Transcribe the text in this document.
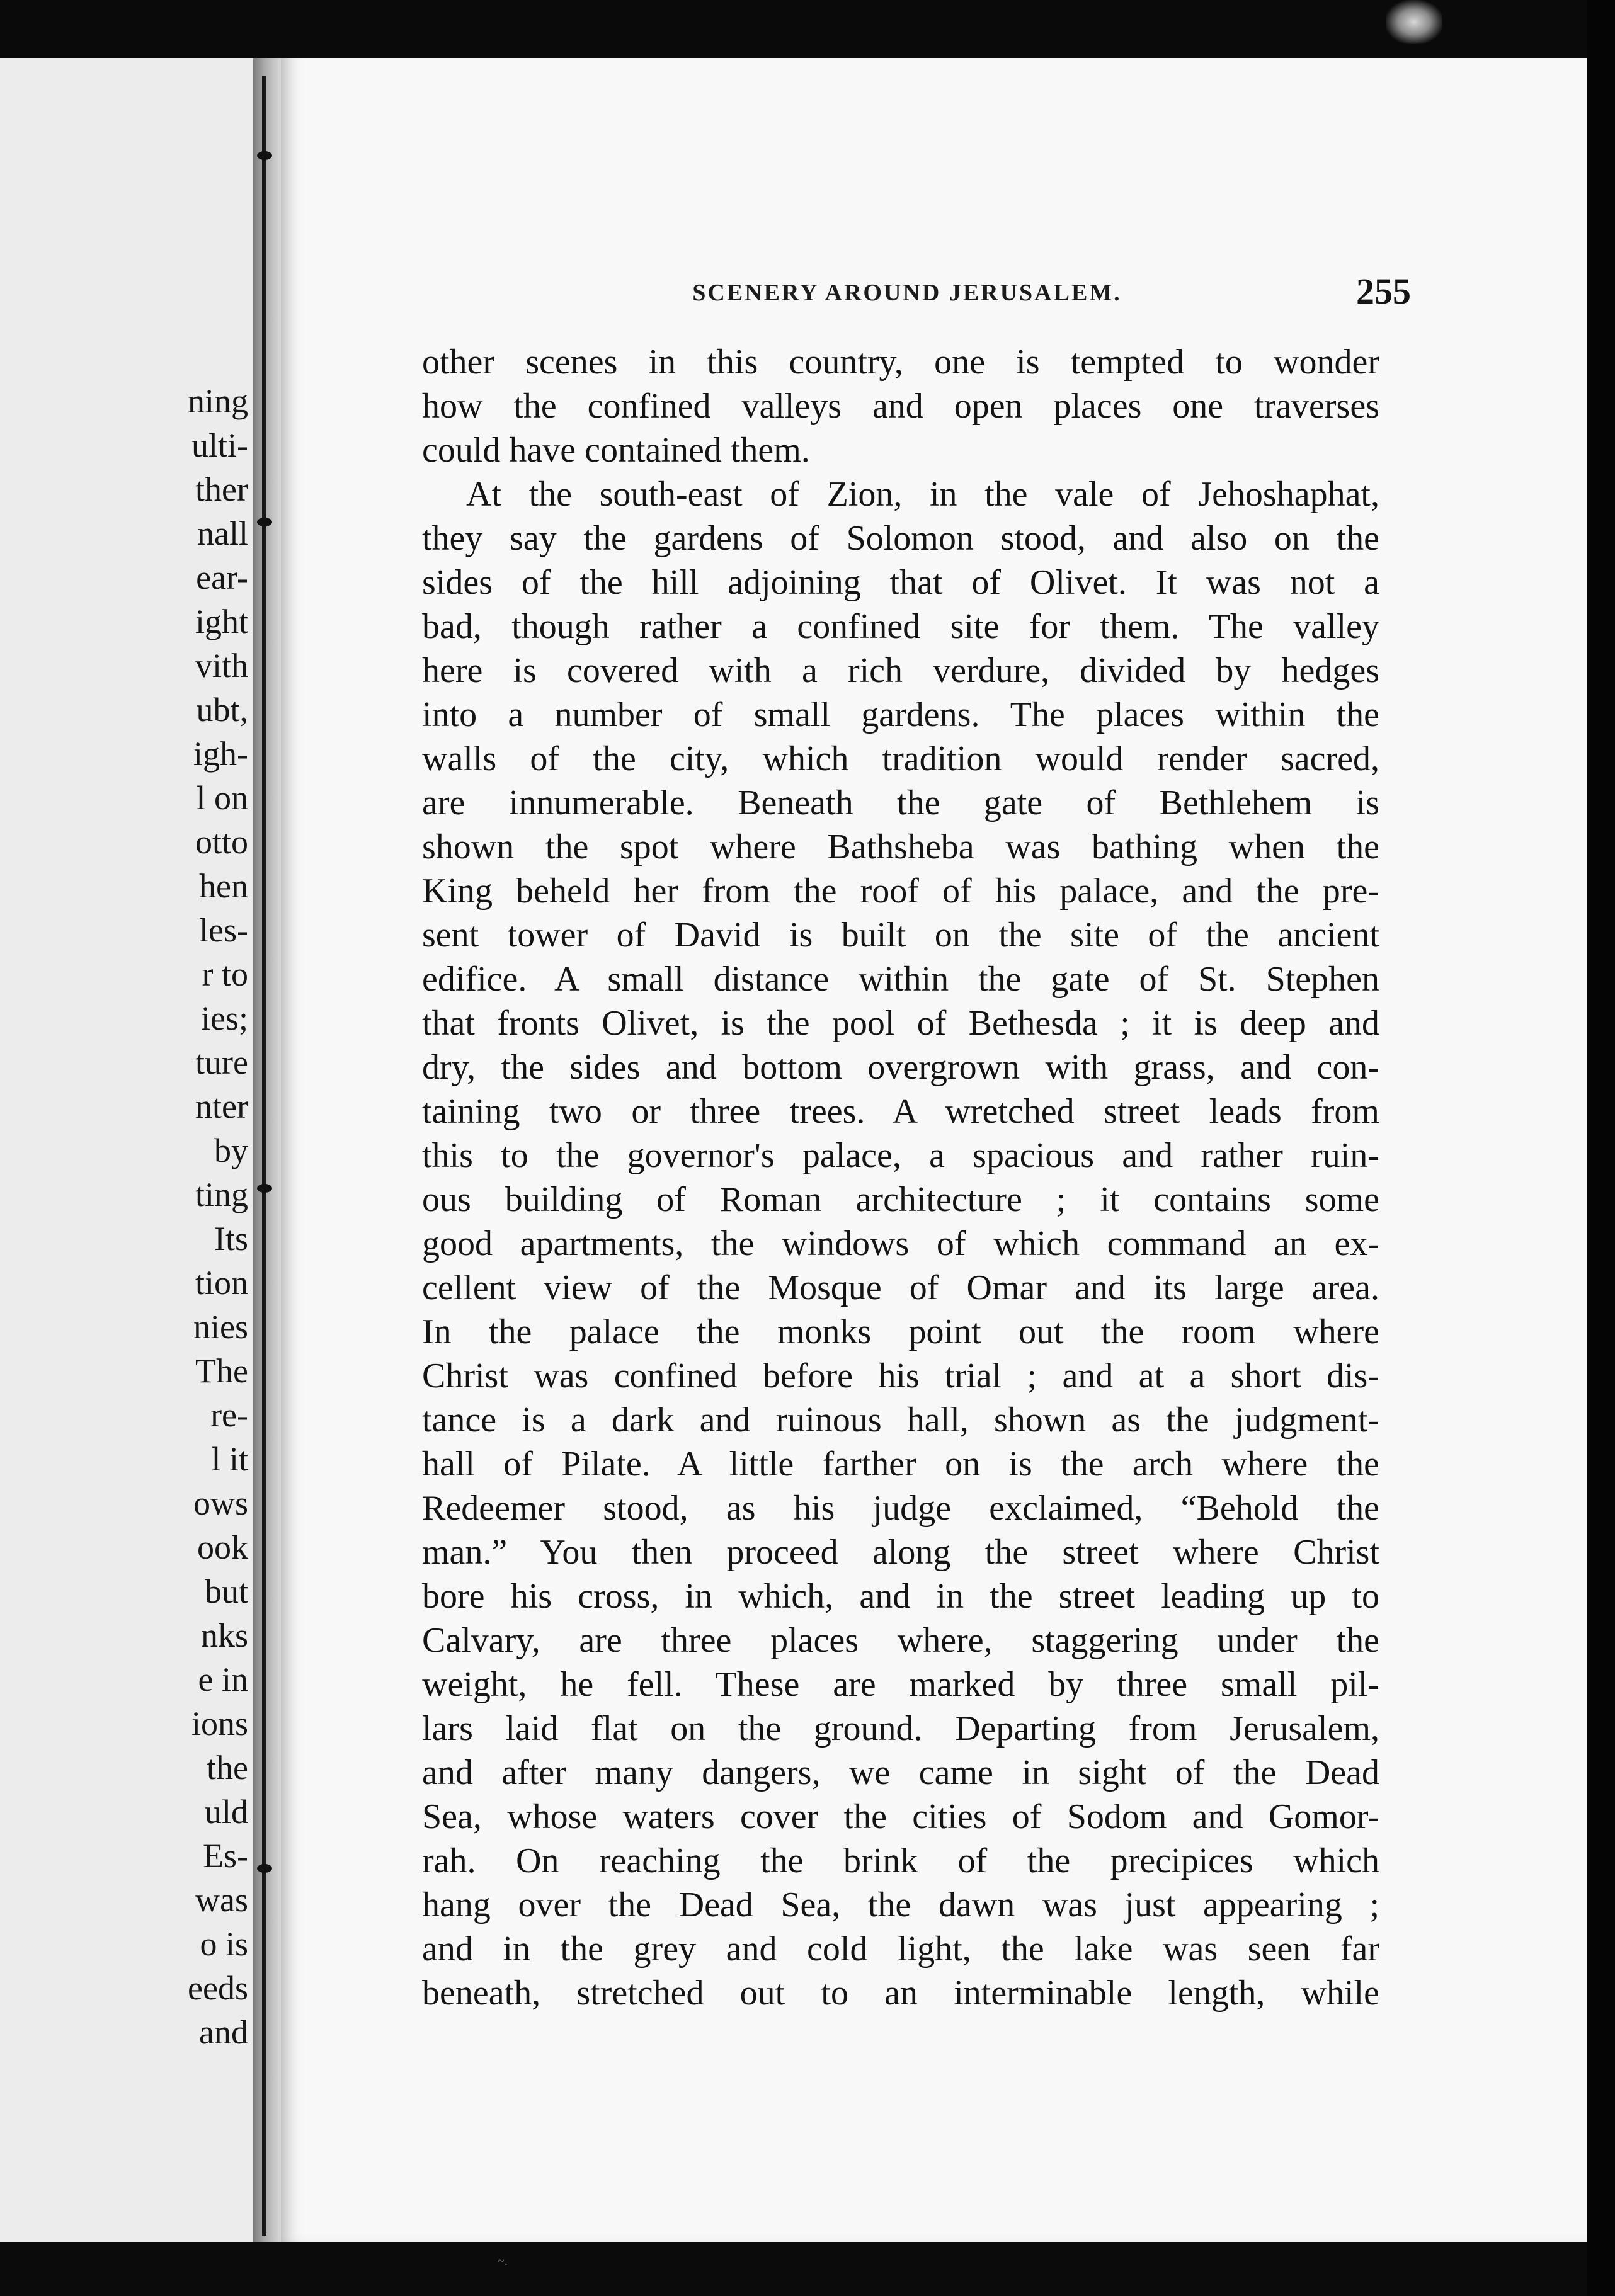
ning
ulti-
ther
nall
ear-
ight
vith
ubt,
igh-
l on
otto
hen
les-
r to
ies;
ture
nter
by
ting
Its
tion
nies
The
re-
l it
ows
ook
but
nks
e in
ions
the
uld
Es-
was
o is
eeds
and
SCENERY AROUND JERUSALEM.	255
other scenes in this country, one is tempted to wonder
how the confined valleys and open places one traverses
could have contained them.
At the south-east of Zion, in the vale of Jehoshaphat,
they say the gardens of Solomon stood, and also on the
sides of the hill adjoining that of Olivet. It was not a
bad, though rather a confined site for them. The valley
here is covered with a rich verdure, divided by hedges
into a number of small gardens. The places within the
walls of the city, which tradition would render sacred,
are innumerable. Beneath the gate of Bethlehem is
shown the spot where Bathsheba was bathing when the
King beheld her from the roof of his palace, and the pre-
sent tower of David is built on the site of the ancient
edifice. A small distance within the gate of St. Stephen
that fronts Olivet, is the pool of Bethesda ; it is deep and
dry, the sides and bottom overgrown with grass, and con-
taining two or three trees. A wretched street leads from
this to the governor's palace, a spacious and rather ruin-
ous building of Roman architecture ; it contains some
good apartments, the windows of which command an ex-
cellent view of the Mosque of Omar and its large area.
In the palace the monks point out the room where
Christ was confined before his trial ; and at a short dis-
tance is a dark and ruinous hall, shown as the judgment-
hall of Pilate. A little farther on is the arch where the
Redeemer stood, as his judge exclaimed, “Behold the
man.” You then proceed along the street where Christ
bore his cross, in which, and in the street leading up to
Calvary, are three places where, staggering under the
weight, he fell. These are marked by three small pil-
lars laid flat on the ground. Departing from Jerusalem,
and after many dangers, we came in sight of the Dead
Sea, whose waters cover the cities of Sodom and Gomor-
rah. On reaching the brink of the precipices which
hang over the Dead Sea, the dawn was just appearing ;
and in the grey and cold light, the lake was seen far
beneath, stretched out to an interminable length, while
~.
